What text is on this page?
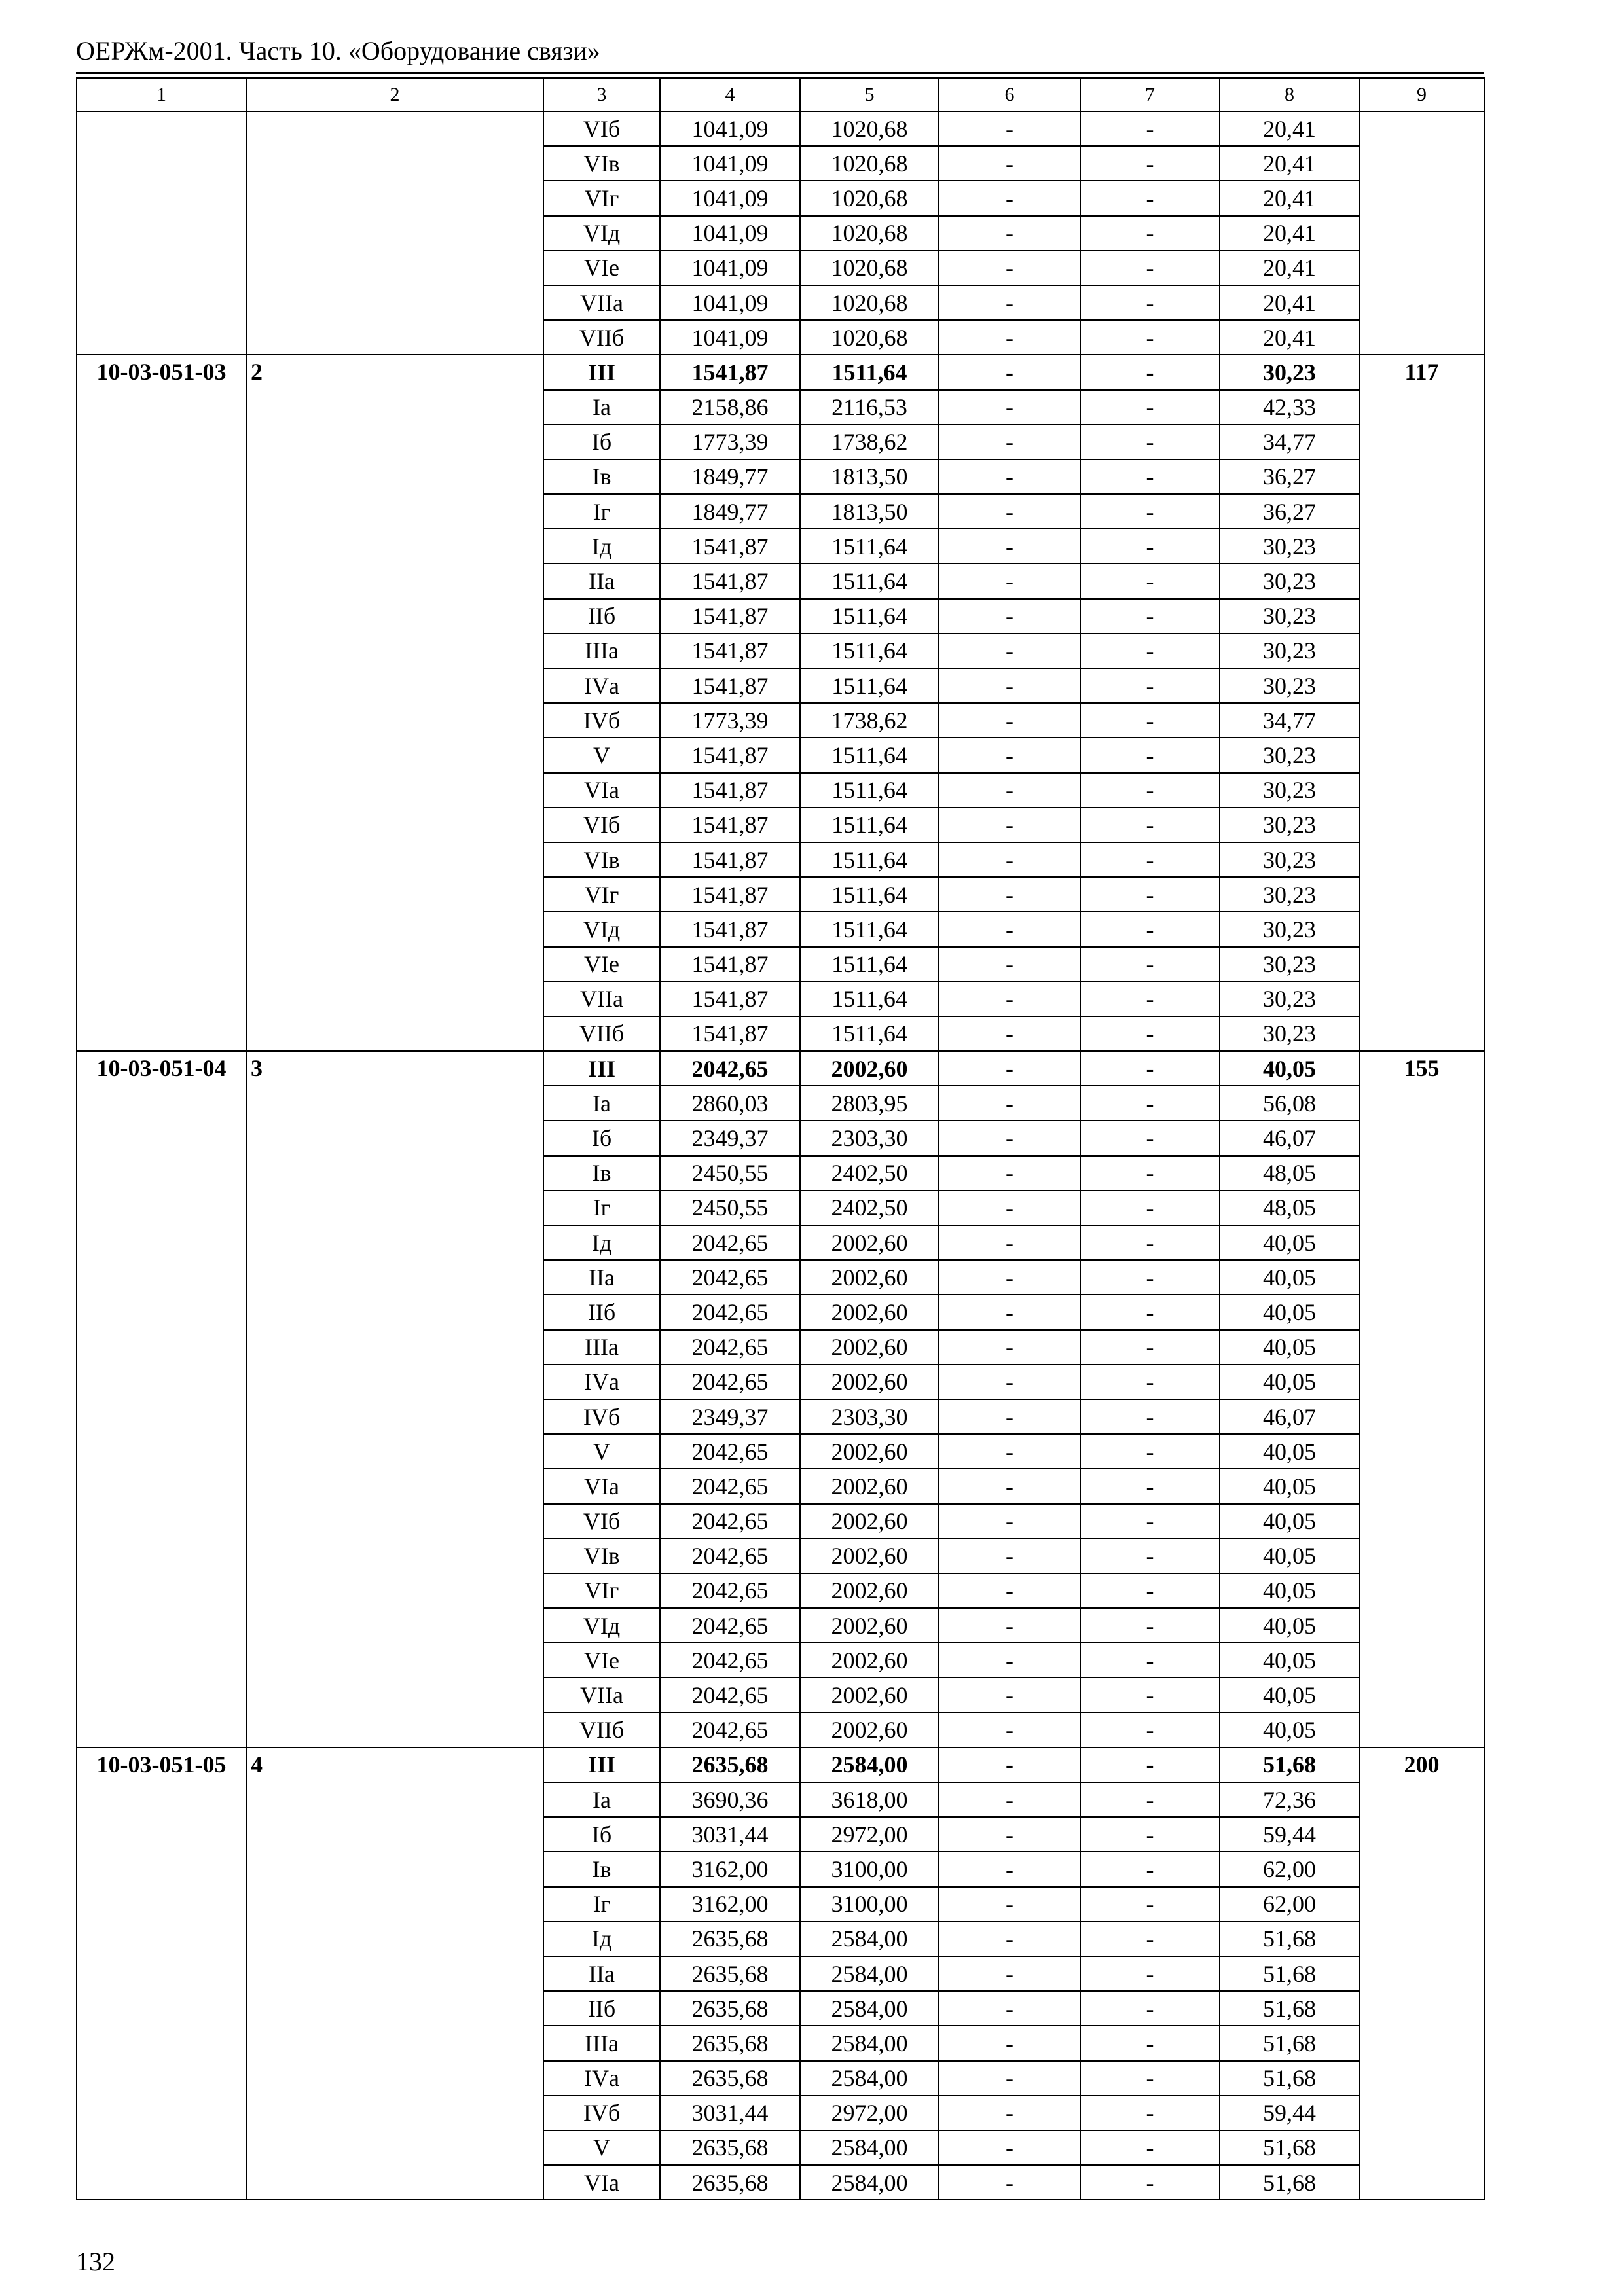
ОЕРЖм-2001. Часть 10. «Оборудование связи»
1	2	3	4	5	6	7	8	9
		VIб	1041,09	1020,68	-	-	20,41	
		VIв	1041,09	1020,68	-	-	20,41	
		VIг	1041,09	1020,68	-	-	20,41	
		VIд	1041,09	1020,68	-	-	20,41	
		VIе	1041,09	1020,68	-	-	20,41	
		VIIа	1041,09	1020,68	-	-	20,41	
		VIIб	1041,09	1020,68	-	-	20,41	
10-03-051-03	2	III	1541,87	1511,64	-	-	30,23	117
		Iа	2158,86	2116,53	-	-	42,33	
		Iб	1773,39	1738,62	-	-	34,77	
		Iв	1849,77	1813,50	-	-	36,27	
		Iг	1849,77	1813,50	-	-	36,27	
		Iд	1541,87	1511,64	-	-	30,23	
		IIа	1541,87	1511,64	-	-	30,23	
		IIб	1541,87	1511,64	-	-	30,23	
		IIIа	1541,87	1511,64	-	-	30,23	
		IVа	1541,87	1511,64	-	-	30,23	
		IVб	1773,39	1738,62	-	-	34,77	
		V	1541,87	1511,64	-	-	30,23	
		VIа	1541,87	1511,64	-	-	30,23	
		VIб	1541,87	1511,64	-	-	30,23	
		VIв	1541,87	1511,64	-	-	30,23	
		VIг	1541,87	1511,64	-	-	30,23	
		VIд	1541,87	1511,64	-	-	30,23	
		VIе	1541,87	1511,64	-	-	30,23	
		VIIа	1541,87	1511,64	-	-	30,23	
		VIIб	1541,87	1511,64	-	-	30,23	
10-03-051-04	3	III	2042,65	2002,60	-	-	40,05	155
		Iа	2860,03	2803,95	-	-	56,08	
		Iб	2349,37	2303,30	-	-	46,07	
		Iв	2450,55	2402,50	-	-	48,05	
		Iг	2450,55	2402,50	-	-	48,05	
		Iд	2042,65	2002,60	-	-	40,05	
		IIа	2042,65	2002,60	-	-	40,05	
		IIб	2042,65	2002,60	-	-	40,05	
		IIIа	2042,65	2002,60	-	-	40,05	
		IVа	2042,65	2002,60	-	-	40,05	
		IVб	2349,37	2303,30	-	-	46,07	
		V	2042,65	2002,60	-	-	40,05	
		VIа	2042,65	2002,60	-	-	40,05	
		VIб	2042,65	2002,60	-	-	40,05	
		VIв	2042,65	2002,60	-	-	40,05	
		VIг	2042,65	2002,60	-	-	40,05	
		VIд	2042,65	2002,60	-	-	40,05	
		VIе	2042,65	2002,60	-	-	40,05	
		VIIа	2042,65	2002,60	-	-	40,05	
		VIIб	2042,65	2002,60	-	-	40,05	
10-03-051-05	4	III	2635,68	2584,00	-	-	51,68	200
		Iа	3690,36	3618,00	-	-	72,36	
		Iб	3031,44	2972,00	-	-	59,44	
		Iв	3162,00	3100,00	-	-	62,00	
		Iг	3162,00	3100,00	-	-	62,00	
		Iд	2635,68	2584,00	-	-	51,68	
		IIа	2635,68	2584,00	-	-	51,68	
		IIб	2635,68	2584,00	-	-	51,68	
		IIIа	2635,68	2584,00	-	-	51,68	
		IVа	2635,68	2584,00	-	-	51,68	
		IVб	3031,44	2972,00	-	-	59,44	
		V	2635,68	2584,00	-	-	51,68	
		VIа	2635,68	2584,00	-	-	51,68	
132
